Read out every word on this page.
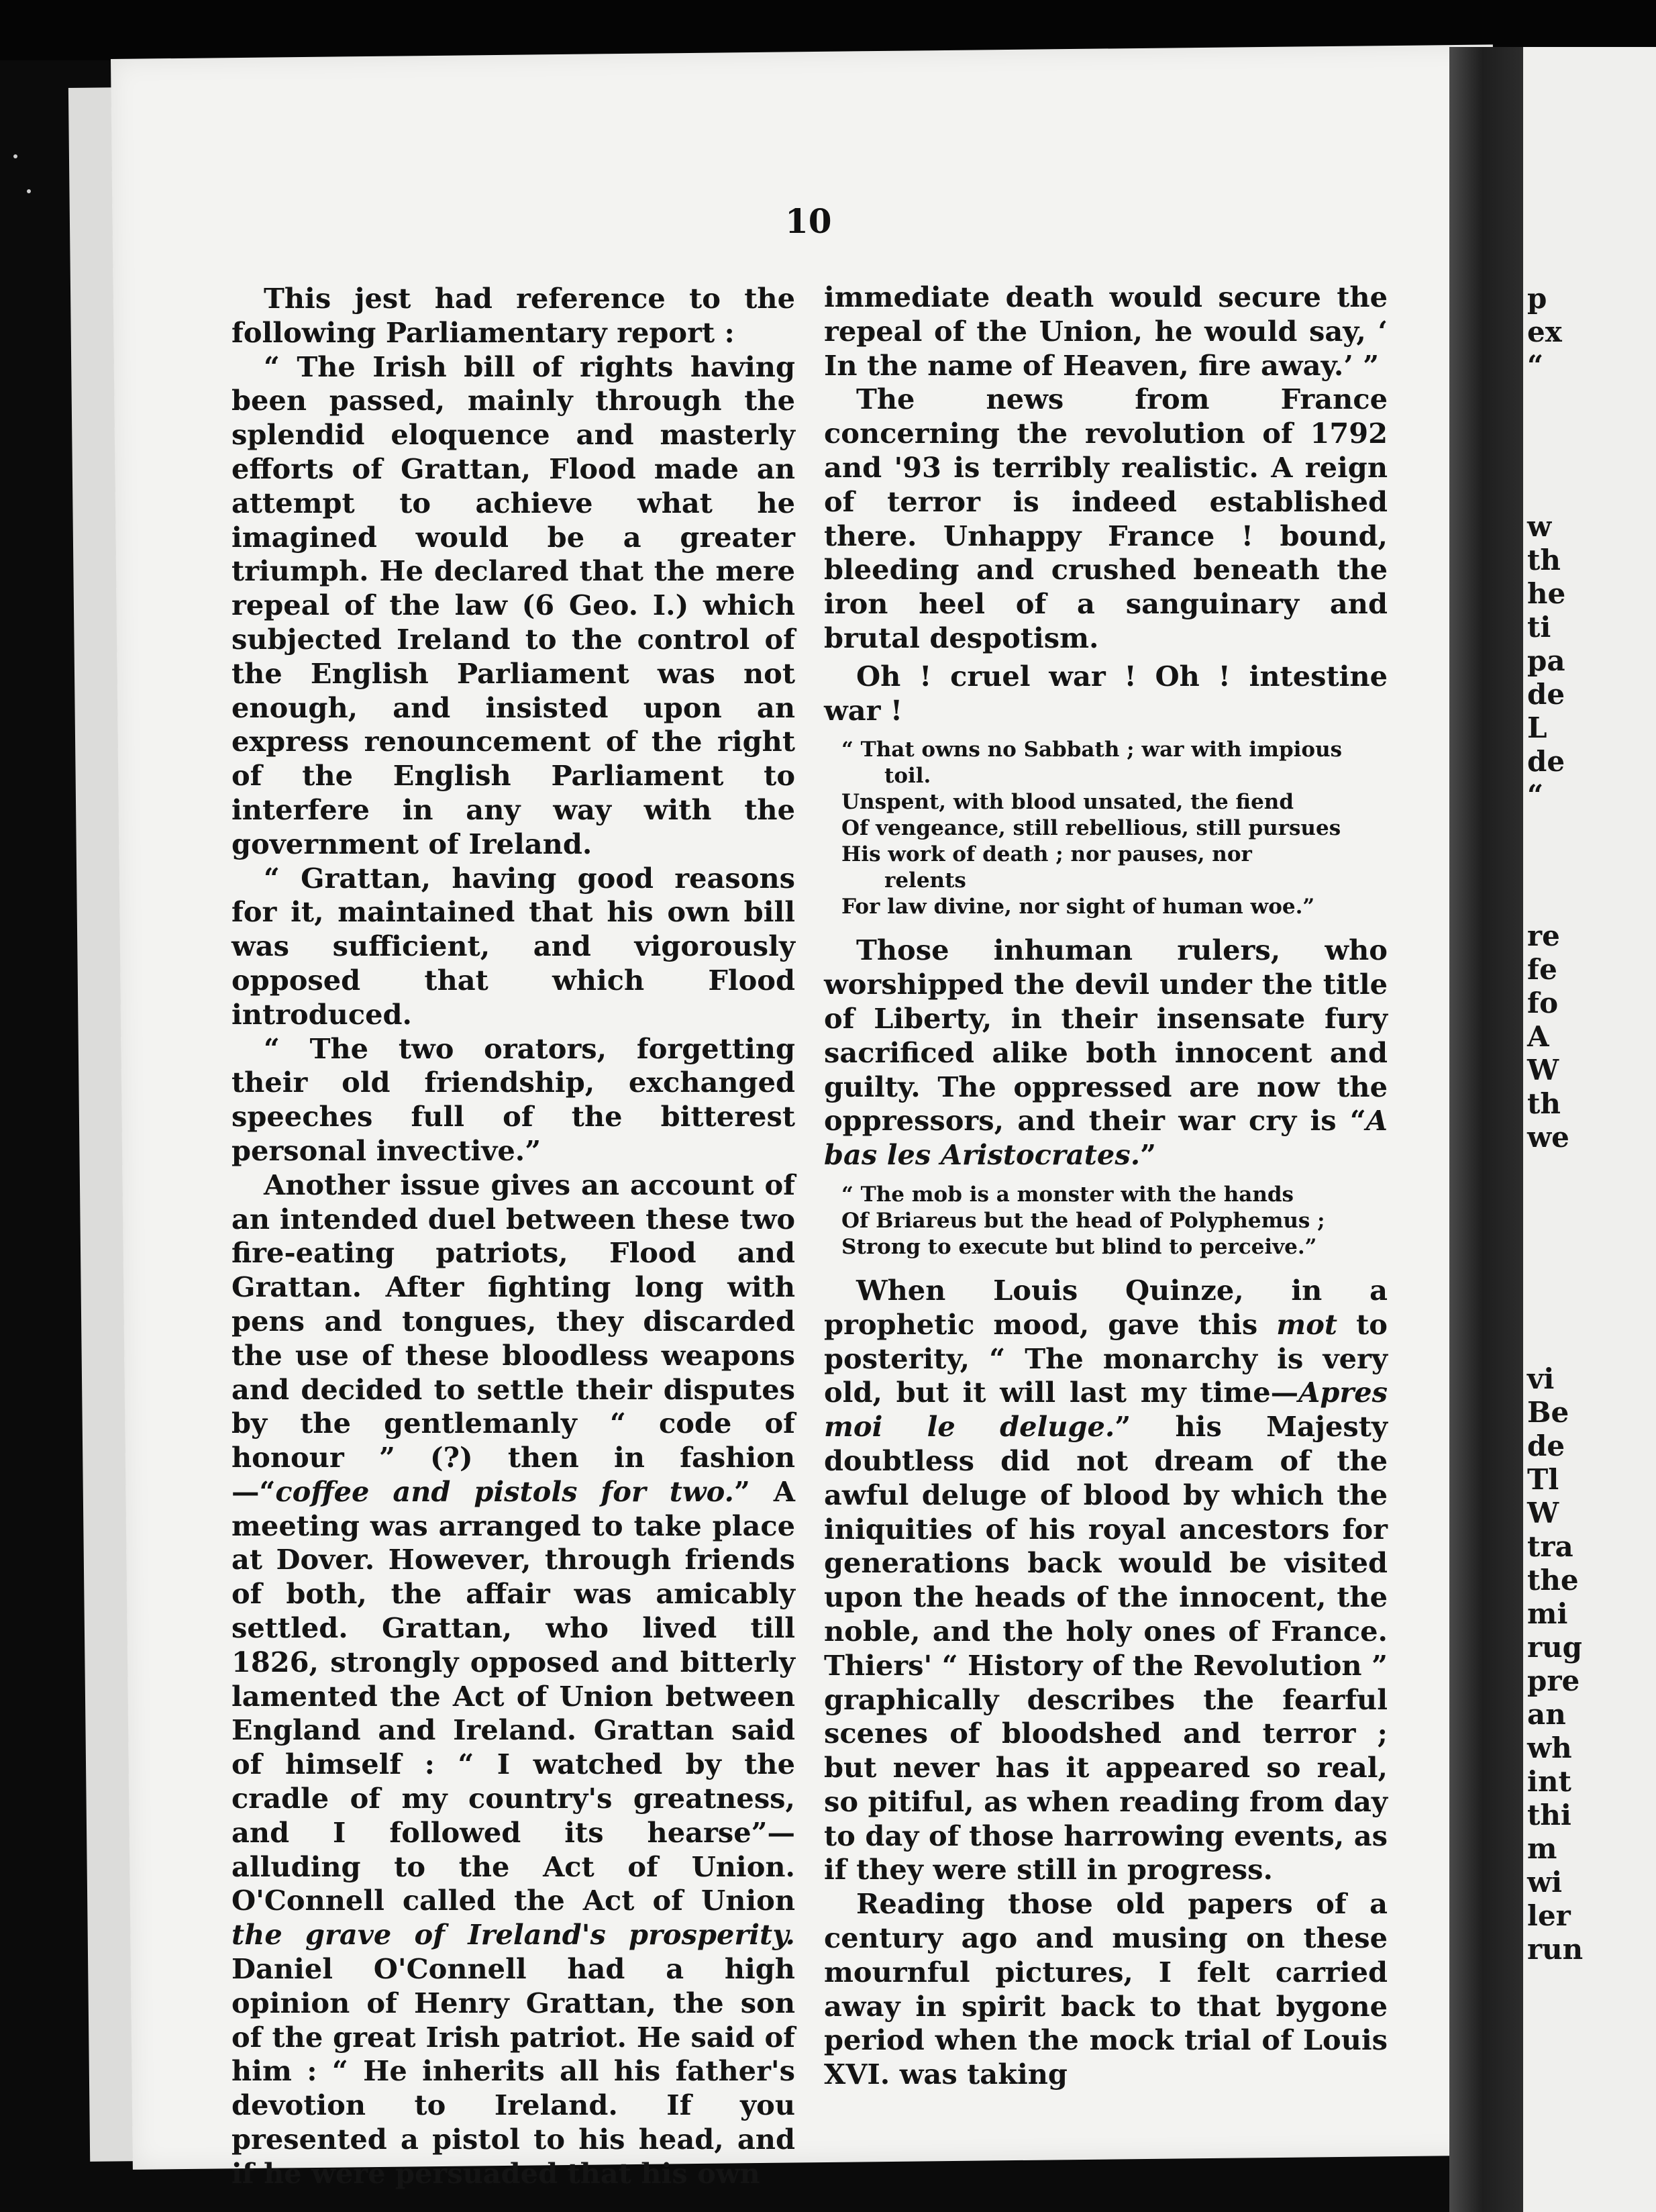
10

This jest had reference to the following Parliamentary report :

“ The Irish bill of rights having been passed, mainly through the splendid eloquence and masterly efforts of Grattan, Flood made an attempt to achieve what he imagined would be a greater triumph. He declared that the mere repeal of the law (6 Geo. I.) which subjected Ireland to the control of the English Parliament was not enough, and insisted upon an express renouncement of the right of the English Parliament to interfere in any way with the government of Ireland.

“ Grattan, having good reasons for it, maintained that his own bill was sufficient, and vigorously opposed that which Flood introduced.

“ The two orators, forgetting their old friendship, exchanged speeches full of the bitterest personal invective.”

Another issue gives an account of an intended duel between these two fire-eating patriots, Flood and Grattan. After fighting long with pens and tongues, they discarded the use of these bloodless weapons and decided to settle their disputes by the gentlemanly “ code of honour ” (?) then in fashion —“coffee and pistols for two.” A meeting was arranged to take place at Dover. However, through friends of both, the affair was amicably settled. Grattan, who lived till 1826, strongly opposed and bitterly lamented the Act of Union between England and Ireland. Grattan said of himself : “ I watched by the cradle of my country's greatness, and I followed its hearse”— alluding to the Act of Union. O'Connell called the Act of Union the grave of Ireland's prosperity. Daniel O'Connell had a high opinion of Henry Grattan, the son of the great Irish patriot. He said of him : “ He inherits all his father's devotion to Ireland. If you presented a pistol to his head, and if he were persuaded that his own

immediate death would secure the repeal of the Union, he would say, ‘ In the name of Heaven, fire away.’ ”

The news from France concerning the revolution of 1792 and '93 is terribly realistic. A reign of terror is indeed established there. Unhappy France ! bound, bleeding and crushed beneath the iron heel of a sanguinary and brutal despotism.

Oh ! cruel war ! Oh ! intestine war !

“ That owns no Sabbath ; war with impious
toil.
Unspent, with blood unsated, the fiend
Of vengeance, still rebellious, still pursues
His work of death ; nor pauses, nor
relents
For law divine, nor sight of human woe.”

Those inhuman rulers, who worshipped the devil under the title of Liberty, in their insensate fury sacrificed alike both innocent and guilty. The oppressed are now the oppressors, and their war cry is “A bas les Aristocrates.”

“ The mob is a monster with the hands
Of Briareus but the head of Polyphemus ;
Strong to execute but blind to perceive.”

When Louis Quinze, in a prophetic mood, gave this mot to posterity, “ The monarchy is very old, but it will last my time—Apres moi le deluge.” his Majesty doubtless did not dream of the awful deluge of blood by which the iniquities of his royal ancestors for generations back would be visited upon the heads of the innocent, the noble, and the holy ones of France. Thiers' “ History of the Revolution ” graphically describes the fearful scenes of bloodshed and terror ; but never has it appeared so real, so pitiful, as when reading from day to day of those harrowing events, as if they were still in progress.

Reading those old papers of a century ago and musing on these mournful pictures, I felt carried away in spirit back to that bygone period when the mock trial of Louis XVI. was taking

p
ex
“
w
th
he
ti
pa
de
L
de
“
re
fe
fo
A
W
th
we
vi
Be
de
Tl
W
tra
the
mi
rug
pre
an
wh
int
thi
m
wi
ler
run
